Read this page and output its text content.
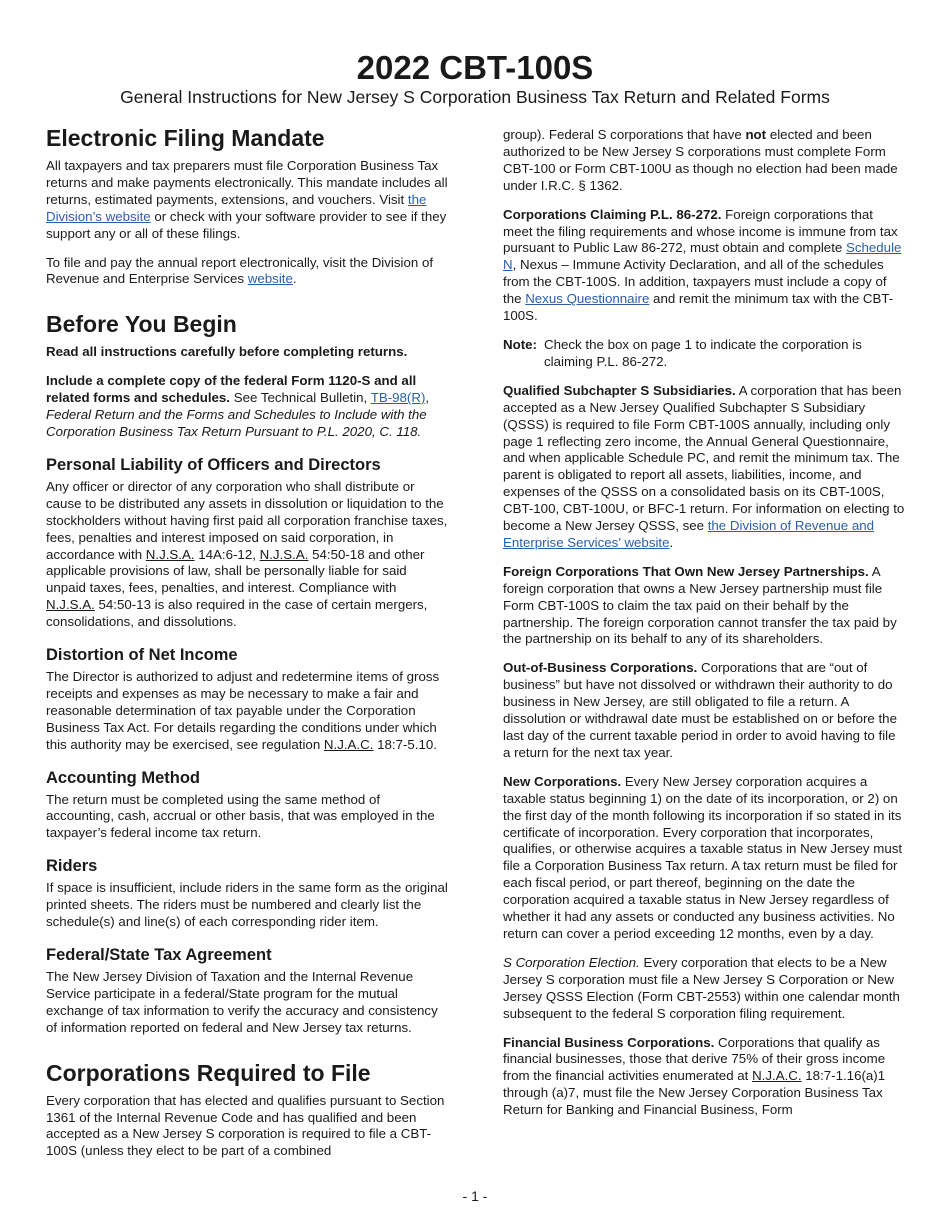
2022 CBT-100S
General Instructions for New Jersey S Corporation Business Tax Return and Related Forms
Electronic Filing Mandate

All taxpayers and tax preparers must file Corporation Business Tax returns and make payments electronically. This mandate includes all returns, estimated payments, extensions, and vouchers. Visit the Division’s website or check with your software provider to see if they support any or all of these filings.

To file and pay the annual report electronically, visit the Division of Revenue and Enterprise Services website.

Before You Begin

Read all instructions carefully before completing returns.

Include a complete copy of the federal Form 1120-S and all related forms and schedules. See Technical Bulletin, TB-98(R), Federal Return and the Forms and Schedules to Include with the Corporation Business Tax Return Pursuant to P.L. 2020, C. 118.

Personal Liability of Officers and Directors

Any officer or director of any corporation who shall distribute or cause to be distributed any assets in dissolution or liquidation to the stockholders without having first paid all corporation franchise taxes, fees, penalties and interest imposed on said corporation, in accordance with N.J.S.A. 14A:6-12, N.J.S.A. 54:50-18 and other applicable provisions of law, shall be personally liable for said unpaid taxes, fees, penalties, and interest. Compliance with N.J.S.A. 54:50-13 is also required in the case of certain mergers, consolidations, and dissolutions.

Distortion of Net Income

The Director is authorized to adjust and redetermine items of gross receipts and expenses as may be necessary to make a fair and reasonable determination of tax payable under the Corporation Business Tax Act. For details regarding the conditions under which this authority may be exercised, see regulation N.J.A.C. 18:7-5.10.

Accounting Method

The return must be completed using the same method of accounting, cash, accrual or other basis, that was employed in the taxpayer’s federal income tax return.

Riders

If space is insufficient, include riders in the same form as the original printed sheets. The riders must be numbered and clearly list the schedule(s) and line(s) of each corresponding rider item.

Federal/State Tax Agreement

The New Jersey Division of Taxation and the Internal Revenue Service participate in a federal/State program for the mutual exchange of tax information to verify the accuracy and consistency of information reported on federal and New Jersey tax returns.

Corporations Required to File

Every corporation that has elected and qualifies pursuant to Section 1361 of the Internal Revenue Code and has qualified and been accepted as a New Jersey S corporation is required to file a CBT-100S (unless they elect to be part of a combined

group). Federal S corporations that have not elected and been authorized to be New Jersey S corporations must complete Form CBT-100 or Form CBT-100U as though no election had been made under I.R.C. § 1362.

Corporations Claiming P.L. 86-272. Foreign corporations that meet the filing requirements and whose income is immune from tax pursuant to Public Law 86-272, must obtain and complete Schedule N, Nexus – Immune Activity Declaration, and all of the schedules from the CBT-100S. In addition, taxpayers must include a copy of the Nexus Questionnaire and remit the minimum tax with the CBT-100S.

Note: Check the box on page 1 to indicate the corporation is claiming P.L. 86-272.

Qualified Subchapter S Subsidiaries. A corporation that has been accepted as a New Jersey Qualified Subchapter S Subsidiary (QSSS) is required to file Form CBT-100S annually, including only page 1 reflecting zero income, the Annual General Questionnaire, and when applicable Schedule PC, and remit the minimum tax. The parent is obligated to report all assets, liabilities, income, and expenses of the QSSS on a consolidated basis on its CBT-100S, CBT-100, CBT-100U, or BFC-1 return. For information on electing to become a New Jersey QSSS, see the Division of Revenue and Enterprise Services’ website.

Foreign Corporations That Own New Jersey Partnerships. A foreign corporation that owns a New Jersey partnership must file Form CBT-100S to claim the tax paid on their behalf by the partnership. The foreign corporation cannot transfer the tax paid by the partnership on its behalf to any of its shareholders.

Out-of-Business Corporations. Corporations that are “out of business” but have not dissolved or withdrawn their authority to do business in New Jersey, are still obligated to file a return. A dissolution or withdrawal date must be established on or before the last day of the current taxable period in order to avoid having to file a return for the next tax year.

New Corporations. Every New Jersey corporation acquires a taxable status beginning 1) on the date of its incorporation, or 2) on the first day of the month following its incorporation if so stated in its certificate of incorporation. Every corporation that incorporates, qualifies, or otherwise acquires a taxable status in New Jersey must file a Corporation Business Tax return. A tax return must be filed for each fiscal period, or part thereof, beginning on the date the corporation acquired a taxable status in New Jersey regardless of whether it had any assets or conducted any business activities. No return can cover a period exceeding 12 months, even by a day.

S Corporation Election. Every corporation that elects to be a New Jersey S corporation must file a New Jersey S Corporation or New Jersey QSSS Election (Form CBT-2553) within one calendar month subsequent to the federal S corporation filing requirement.

Financial Business Corporations. Corporations that qualify as financial businesses, those that derive 75% of their gross income from the financial activities enumerated at N.J.A.C. 18:7-1.16(a)1 through (a)7, must file the New Jersey Corporation Business Tax Return for Banking and Financial Business, Form

- 1 -
